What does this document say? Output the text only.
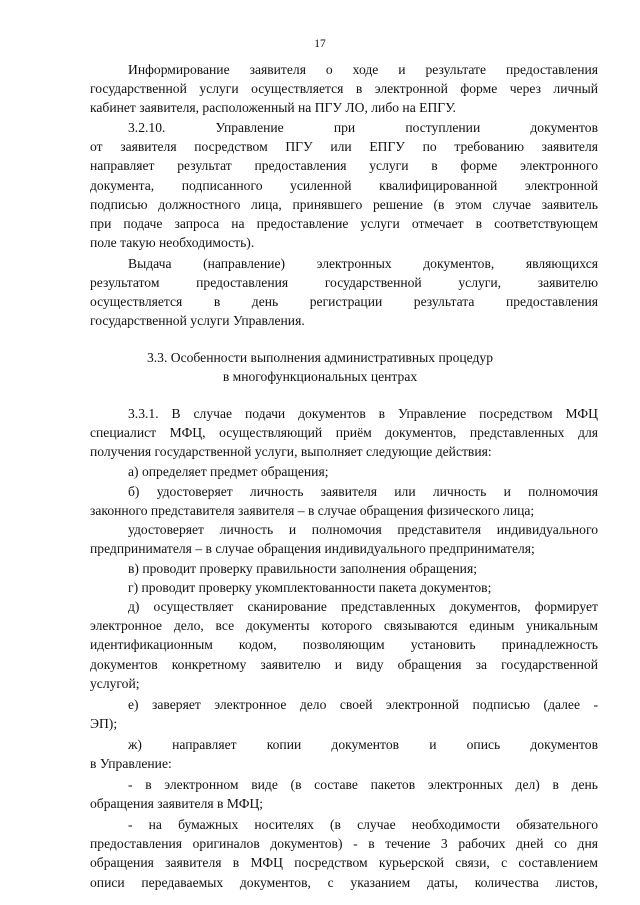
17
Информирование заявителя о ходе и результате предоставления
государственной услуги осуществляется в электронной форме через личный
кабинет заявителя, расположенный на ПГУ ЛО, либо на ЕПГУ.
3.2.10. Управление при поступлении документов
от заявителя посредством ПГУ или ЕПГУ по требованию заявителя
направляет результат предоставления услуги в форме электронного
документа, подписанного усиленной квалифицированной электронной
подписью должностного лица, принявшего решение (в этом случае заявитель
при подаче запроса на предоставление услуги отмечает в соответствующем
поле такую необходимость).
Выдача (направление) электронных документов, являющихся
результатом предоставления государственной услуги, заявителю
осуществляется в день регистрации результата предоставления
государственной услуги Управления.
3.3. Особенности выполнения административных процедур
в многофункциональных центрах
3.3.1. В случае подачи документов в Управление посредством МФЦ
специалист МФЦ, осуществляющий приём документов, представленных для
получения государственной услуги, выполняет следующие действия:
а) определяет предмет обращения;
б) удостоверяет личность заявителя или личность и полномочия
законного представителя заявителя – в случае обращения физического лица;
удостоверяет личность и полномочия представителя индивидуального
предпринимателя – в случае обращения индивидуального предпринимателя;
в) проводит проверку правильности заполнения обращения;
г) проводит проверку укомплектованности пакета документов;
д) осуществляет сканирование представленных документов, формирует
электронное дело, все документы которого связываются единым уникальным
идентификационным кодом, позволяющим установить принадлежность
документов конкретному заявителю и виду обращения за государственной
услугой;
е) заверяет электронное дело своей электронной подписью (далее -
ЭП);
ж) направляет копии документов и опись документов
в Управление:
- в электронном виде (в составе пакетов электронных дел) в день
обращения заявителя в МФЦ;
- на бумажных носителях (в случае необходимости обязательного
предоставления оригиналов документов) - в течение 3 рабочих дней со дня
обращения заявителя в МФЦ посредством курьерской связи, с составлением
описи передаваемых документов, с указанием даты, количества листов,
